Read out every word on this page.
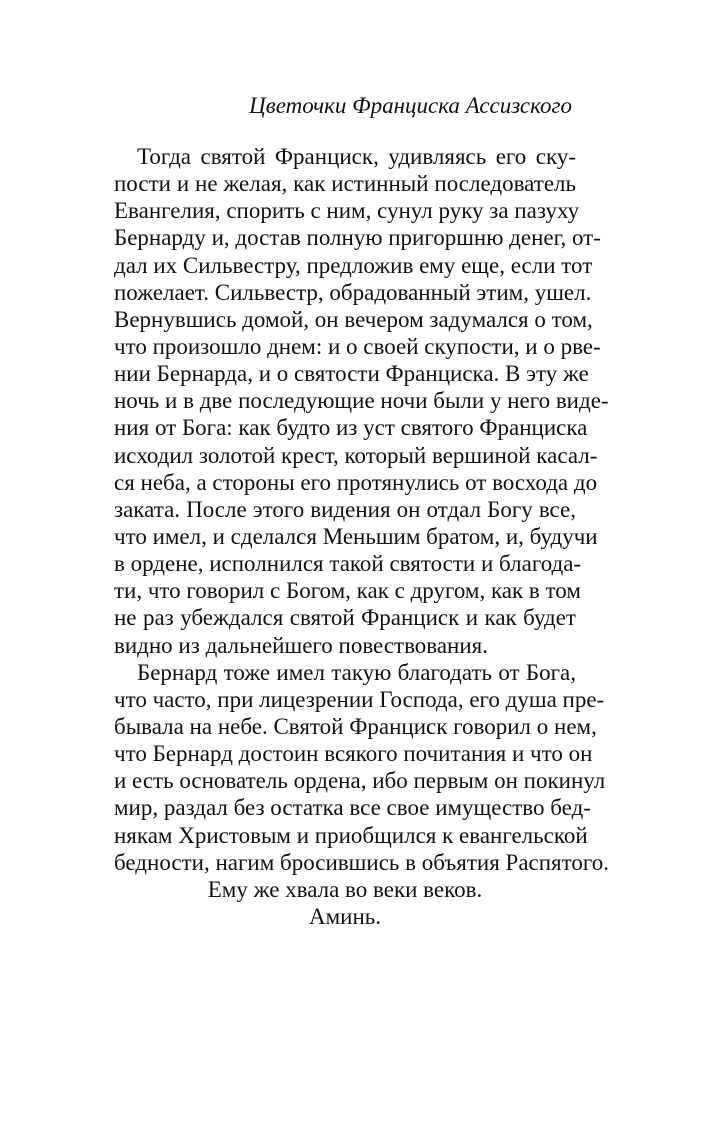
Цветочки Франциска Ассизского
Тогда святой Франциск, удивляясь его ску-
пости и не желая, как истинный последователь
Евангелия, спорить с ним, сунул руку за пазуху
Бернарду и, достав полную пригоршню денег, от-
дал их Сильвестру, предложив ему еще, если тот
пожелает. Сильвестр, обрадованный этим, ушел.
Вернувшись домой, он вечером задумался о том,
что произошло днем: и о своей скупости, и о рве-
нии Бернарда, и о святости Франциска. В эту же
ночь и в две последующие ночи были у него виде-
ния от Бога: как будто из уст святого Франциска
исходил золотой крест, который вершиной касал-
ся неба, а стороны его протянулись от восхода до
заката. После этого видения он отдал Богу все,
что имел, и сделался Меньшим братом, и, будучи
в ордене, исполнился такой святости и благода-
ти, что говорил с Богом, как с другом, как в том
не раз убеждался святой Франциск и как будет
видно из дальнейшего повествования.
Бернард тоже имел такую благодать от Бога,
что часто, при лицезрении Господа, его душа пре-
бывала на небе. Святой Франциск говорил о нем,
что Бернард достоин всякого почитания и что он
и есть основатель ордена, ибо первым он покинул
мир, раздал без остатка все свое имущество бед-
някам Христовым и приобщился к евангельской
бедности, нагим бросившись в объятия Распятого.
Ему же хвала во веки веков.
Аминь.
